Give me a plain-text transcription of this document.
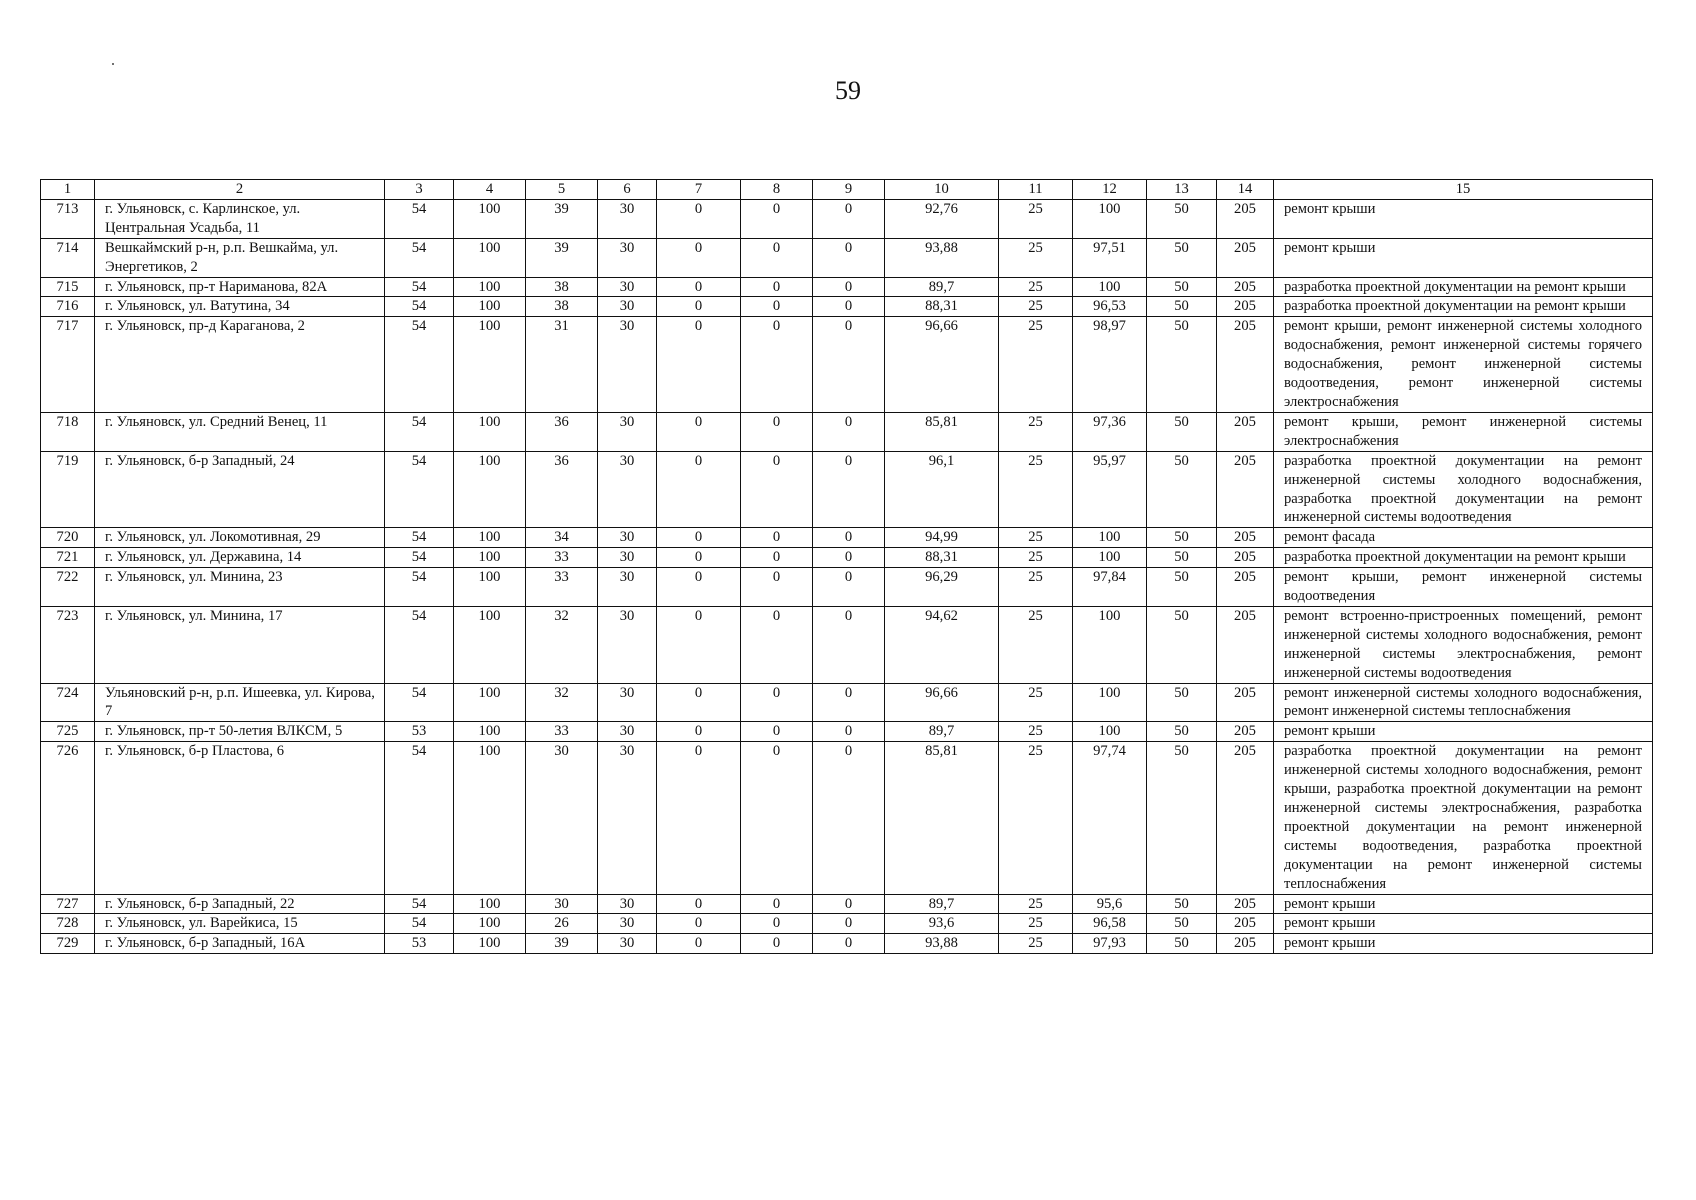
59
1	2	3	4	5	6	7	8	9	10	11	12	13	14	15
713	г. Ульяновск, с. Карлинское, ул. Центральная Усадьба, 11	54	100	39	30	0	0	0	92,76	25	100	50	205	ремонт крыши
714	Вешкаймский р-н, р.п. Вешкайма, ул. Энергетиков, 2	54	100	39	30	0	0	0	93,88	25	97,51	50	205	ремонт крыши
715	г. Ульяновск, пр-т Нариманова, 82А	54	100	38	30	0	0	0	89,7	25	100	50	205	разработка проектной документации на ремонт крыши
716	г. Ульяновск, ул. Ватутина, 34	54	100	38	30	0	0	0	88,31	25	96,53	50	205	разработка проектной документации на ремонт крыши
717	г. Ульяновск, пр-д Караганова, 2	54	100	31	30	0	0	0	96,66	25	98,97	50	205	ремонт крыши, ремонт инженерной системы холодного водоснабжения, ремонт инженерной системы горячего водоснабжения, ремонт инженерной системы водоотведения, ремонт инженерной системы электроснабжения
718	г. Ульяновск, ул. Средний Венец, 11	54	100	36	30	0	0	0	85,81	25	97,36	50	205	ремонт крыши, ремонт инженерной системы электроснабжения
719	г. Ульяновск, б-р Западный, 24	54	100	36	30	0	0	0	96,1	25	95,97	50	205	разработка проектной документации на ремонт инженерной системы холодного водоснабжения, разработка проектной документации на ремонт инженерной системы водоотведения
720	г. Ульяновск, ул. Локомотивная, 29	54	100	34	30	0	0	0	94,99	25	100	50	205	ремонт фасада
721	г. Ульяновск, ул. Державина, 14	54	100	33	30	0	0	0	88,31	25	100	50	205	разработка проектной документации на ремонт крыши
722	г. Ульяновск, ул. Минина, 23	54	100	33	30	0	0	0	96,29	25	97,84	50	205	ремонт крыши, ремонт инженерной системы водоотведения
723	г. Ульяновск, ул. Минина, 17	54	100	32	30	0	0	0	94,62	25	100	50	205	ремонт встроенно-пристроенных помещений, ремонт инженерной системы холодного водоснабжения, ремонт инженерной системы электроснабжения, ремонт инженерной системы водоотведения
724	Ульяновский р-н, р.п. Ишеевка, ул. Кирова, 7	54	100	32	30	0	0	0	96,66	25	100	50	205	ремонт инженерной системы холодного водоснабжения, ремонт инженерной системы теплоснабжения
725	г. Ульяновск, пр-т 50-летия ВЛКСМ, 5	53	100	33	30	0	0	0	89,7	25	100	50	205	ремонт крыши
726	г. Ульяновск, б-р Пластова, 6	54	100	30	30	0	0	0	85,81	25	97,74	50	205	разработка проектной документации на ремонт инженерной системы холодного водоснабжения, ремонт крыши, разработка проектной документации на ремонт инженерной системы электроснабжения, разработка проектной документации на ремонт инженерной системы водоотведения, разработка проектной документации на ремонт инженерной системы теплоснабжения
727	г. Ульяновск, б-р Западный, 22	54	100	30	30	0	0	0	89,7	25	95,6	50	205	ремонт крыши
728	г. Ульяновск, ул. Варейкиса, 15	54	100	26	30	0	0	0	93,6	25	96,58	50	205	ремонт крыши
729	г. Ульяновск, б-р Западный, 16А	53	100	39	30	0	0	0	93,88	25	97,93	50	205	ремонт крыши
